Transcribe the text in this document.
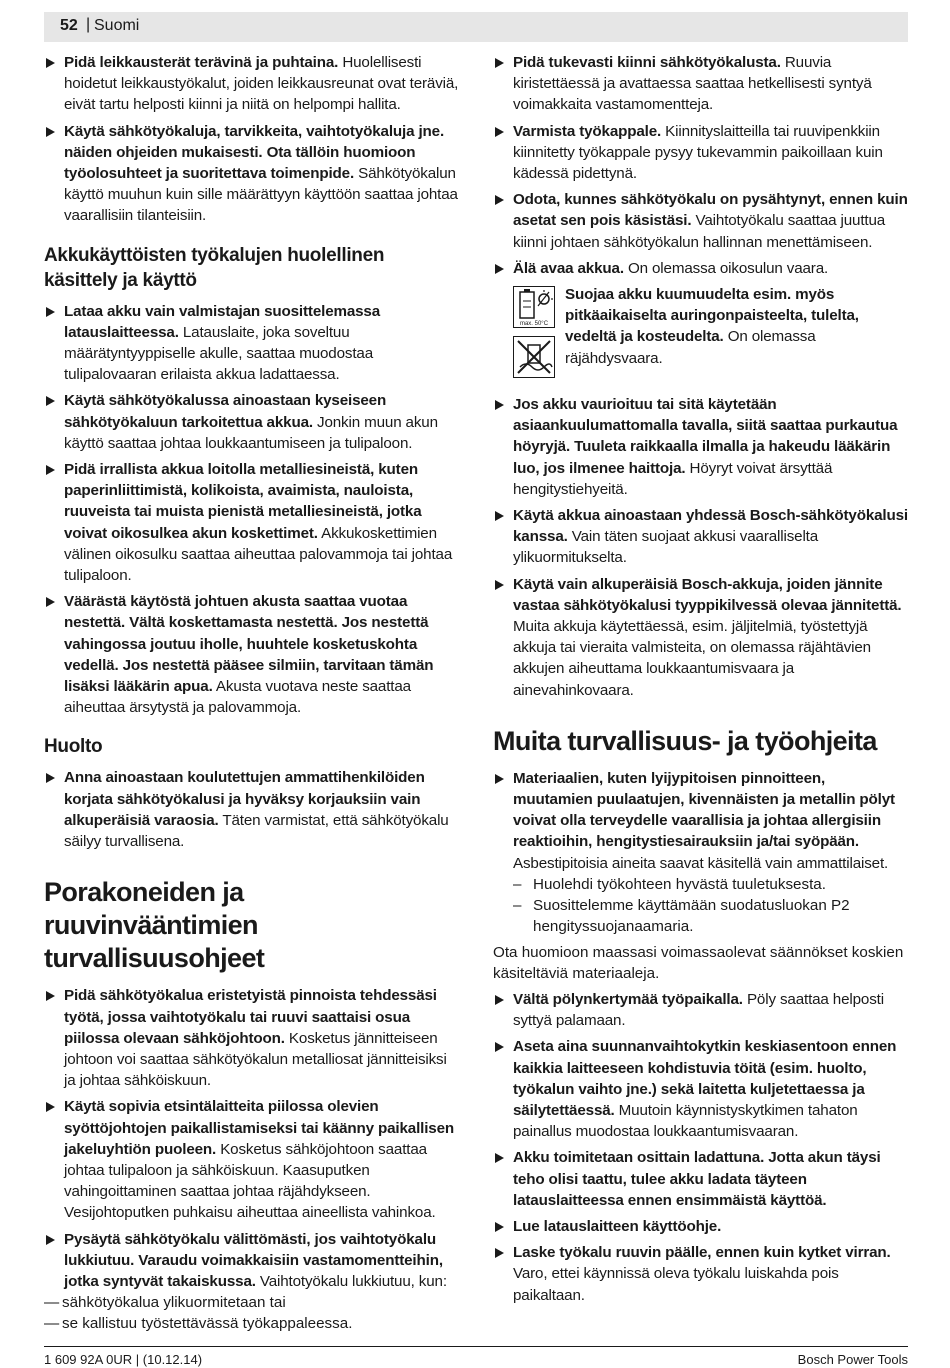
52 | Suomi
Pidä leikkausterät terävinä ja puhtaina. Huolellisesti hoidetut leikkaustyökalut, joiden leikkausreunat ovat teräviä, eivät tartu helposti kiinni ja niitä on helpompi hallita.
Käytä sähkötyökaluja, tarvikkeita, vaihtotyökaluja jne. näiden ohjeiden mukaisesti. Ota tällöin huomioon työolosuhteet ja suoritettava toimenpide. Sähkötyökalun käyttö muuhun kuin sille määrättyyn käyttöön saattaa johtaa vaarallisiin tilanteisiin.
Akkukäyttöisten työkalujen huolellinen käsittely ja käyttö
Lataa akku vain valmistajan suosittelemassa latauslaitteessa. Latauslaite, joka soveltuu määrätyntyyppiselle akulle, saattaa muodostaa tulipalovaaran erilaista akkua ladattaessa.
Käytä sähkötyökalussa ainoastaan kyseiseen sähkötyökaluun tarkoitettua akkua. Jonkin muun akun käyttö saattaa johtaa loukkaantumiseen ja tulipaloon.
Pidä irrallista akkua loitolla metalliesineistä, kuten paperinliittimistä, kolikoista, avaimista, nauloista, ruuveista tai muista pienistä metalliesineistä, jotka voivat oikosulkea akun koskettimet. Akkukoskettimien välinen oikosulku saattaa aiheuttaa palovammoja tai johtaa tulipaloon.
Väärästä käytöstä johtuen akusta saattaa vuotaa nestettä. Vältä koskettamasta nestettä. Jos nestettä vahingossa joutuu iholle, huuhtele kosketuskohta vedellä. Jos nestettä pääsee silmiin, tarvitaan tämän lisäksi lääkärin apua. Akusta vuotava neste saattaa aiheuttaa ärsytystä ja palovammoja.
Huolto
Anna ainoastaan koulutettujen ammattihenkilöiden korjata sähkötyökalusi ja hyväksy korjauksiin vain alkuperäisiä varaosia. Täten varmistat, että sähkötyökalu säilyy turvallisena.
Porakoneiden ja ruuvinvääntimien turvallisuusohjeet
Pidä sähkötyökalua eristetyistä pinnoista tehdessäsi työtä, jossa vaihtotyökalu tai ruuvi saattaisi osua piilossa olevaan sähköjohtoon. Kosketus jännitteiseen johtoon voi saattaa sähkötyökalun metalliosat jännitteisiksi ja johtaa sähköiskuun.
Käytä sopivia etsintälaitteita piilossa olevien syöttöjohtojen paikallistamiseksi tai käänny paikallisen jakeluyhtiön puoleen. Kosketus sähköjohtoon saattaa johtaa tulipaloon ja sähköiskuun. Kaasuputken vahingoittaminen saattaa johtaa räjähdykseen. Vesijohtoputken puhkaisu aiheuttaa aineellista vahinkoa.
Pysäytä sähkötyökalu välittömästi, jos vaihtotyökalu lukkiutuu. Varaudu voimakkaisiin vastamomentteihin, jotka syntyvät takaiskussa. Vaihtotyökalu lukkiutuu, kun:
— sähkötyökalua ylikuormitetaan tai
— se kallistuu työstettävässä työkappaleessa.
Pidä tukevasti kiinni sähkötyökalusta. Ruuvia kiristettäessä ja avattaessa saattaa hetkellisesti syntyä voimakkaita vastamomentteja.
Varmista työkappale. Kiinnityslaitteilla tai ruuvipenkkiin kiinnitetty työkappale pysyy tukevammin paikoillaan kuin kädessä pidettynä.
Odota, kunnes sähkötyökalu on pysähtynyt, ennen kuin asetat sen pois käsistäsi. Vaihtotyökalu saattaa juuttua kiinni johtaen sähkötyökalun hallinnan menettämiseen.
Älä avaa akkua. On olemassa oikosulun vaara.
max. 50°C
Suojaa akku kuumuudelta esim. myös pitkäaikaiselta auringonpaisteelta, tulelta, vedeltä ja kosteudelta. On olemassa räjähdysvaara.
Jos akku vaurioituu tai sitä käytetään asiaankuulumattomalla tavalla, siitä saattaa purkautua höyryjä. Tuuleta raikkaalla ilmalla ja hakeudu lääkärin luo, jos ilmenee haittoja. Höyryt voivat ärsyttää hengitystiehyeitä.
Käytä akkua ainoastaan yhdessä Bosch-sähkötyökalusi kanssa. Vain täten suojaat akkusi vaaralliselta ylikuormitukselta.
Käytä vain alkuperäisiä Bosch-akkuja, joiden jännite vastaa sähkötyökalusi tyyppikilvessä olevaa jännitettä. Muita akkuja käytettäessä, esim. jäljitelmiä, työstettyjä akkuja tai vieraita valmisteita, on olemassa räjähtävien akkujen aiheuttama loukkaantumisvaara ja ainevahinkovaara.
Muita turvallisuus- ja työohjeita
Materiaalien, kuten lyijypitoisen pinnoitteen, muutamien puulaatujen, kivennäisten ja metallin pölyt voivat olla terveydelle vaarallisia ja johtaa allergisiin reaktioihin, hengitystiesairauksiin ja/tai syöpään. Asbestipitoisia aineita saavat käsitellä vain ammattilaiset.
– Huolehdi työkohteen hyvästä tuuletuksesta.
– Suosittelemme käyttämään suodatusluokan P2 hengityssuojanaamaria.
Ota huomioon maassasi voimassaolevat säännökset koskien käsiteltäviä materiaaleja.
Vältä pölynkertymää työpaikalla. Pöly saattaa helposti syttyä palamaan.
Aseta aina suunnanvaihtokytkin keskiasentoon ennen kaikkia laitteeseen kohdistuvia töitä (esim. huolto, työkalun vaihto jne.) sekä laitetta kuljetettaessa ja säilytettäessä. Muutoin käynnistyskytkimen tahaton painallus muodostaa loukkaantumisvaaran.
Akku toimitetaan osittain ladattuna. Jotta akun täysi teho olisi taattu, tulee akku ladata täyteen latauslaitteessa ennen ensimmäistä käyttöä.
Lue latauslaitteen käyttöohje.
Laske työkalu ruuvin päälle, ennen kuin kytket virran. Varo, ettei käynnissä oleva työkalu luiskahda pois paikaltaan.
1 609 92A 0UR | (10.12.14)	Bosch Power Tools
